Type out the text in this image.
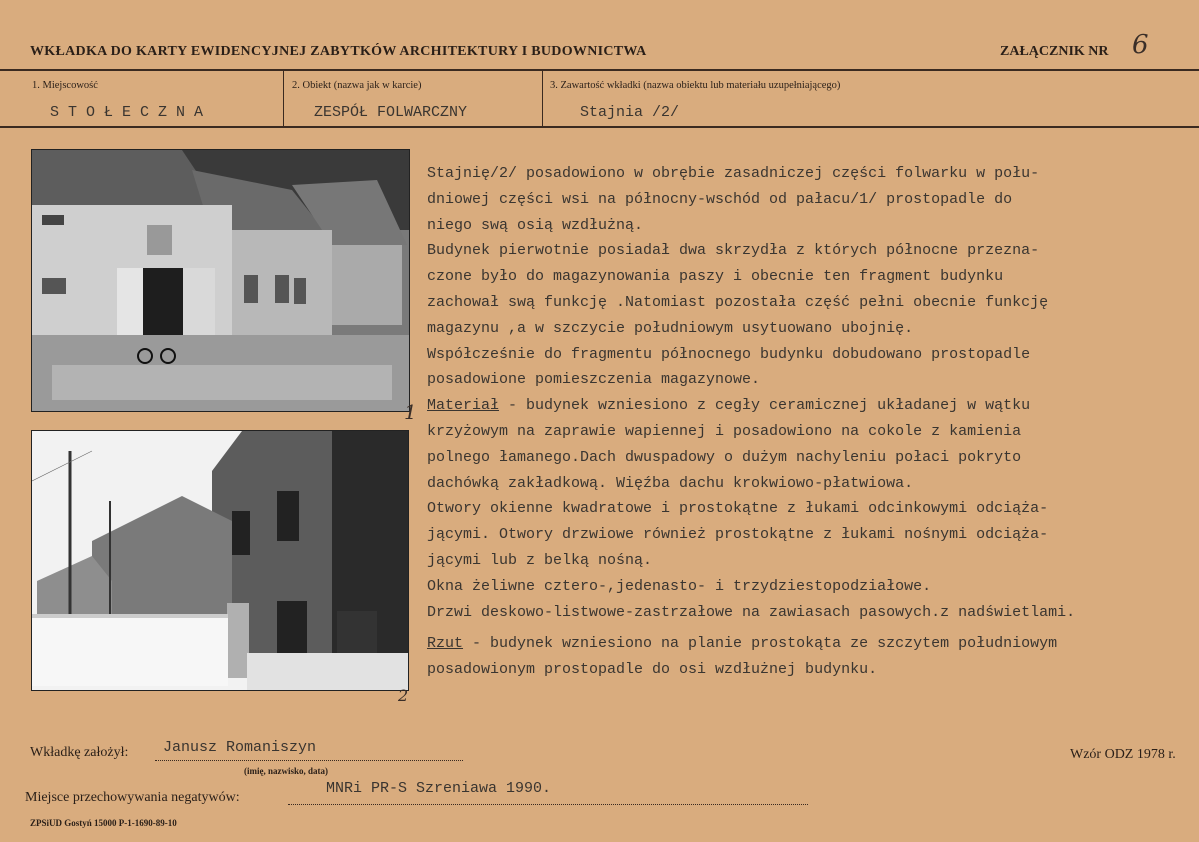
WKŁADKA DO KARTY EWIDENCYJNEJ ZABYTKÓW ARCHITEKTURY I BUDOWNICTWA	ZAŁĄCZNIK NR 6
1. Miejscowość
S T O Ł E C Z N A
2. Obiekt (nazwa jak w karcie)
ZESPÓŁ FOLWARCZNY
3. Zawartość wkładki (nazwa obiektu lub materiału uzupełniającego)
Stajnia /2/
1
2

Stajnię/2/ posadowiono w obrębie zasadniczej części folwarku w połu-

dniowej części wsi na północny-wschód od pałacu/1/ prostopadle do

niego swą osią wzdłużną.

Budynek pierwotnie posiadał dwa skrzydła z których północne przezna-

czone było do magazynowania paszy i obecnie ten fragment budynku

zachował swą funkcję .Natomiast pozostała część pełni obecnie funkcję

magazynu ,a w szczycie południowym usytuowano ubojnię.

Współcześnie do fragmentu północnego budynku dobudowano prostopadle

posadowione pomieszczenia magazynowe.

Materiał - budynek wzniesiono z cegły ceramicznej układanej w wątku

krzyżowym na zaprawie wapiennej i posadowiono na cokole z kamienia

polnego łamanego.Dach dwuspadowy o dużym nachyleniu połaci pokryto

dachówką zakładkową. Więźba dachu krokwiowo-płatwiowa.

Otwory okienne kwadratowe i prostokątne z łukami odcinkowymi odciąża-

jącymi. Otwory drzwiowe również prostokątne z łukami nośnymi odciąża-

jącymi lub z belką nośną.

Okna żeliwne cztero-,jedenasto- i trzydziestopodziałowe.

Drzwi deskowo-listwowe-zastrzałowe na zawiasach pasowych.z nadświetlami.

Rzut - budynek wzniesiono na planie prostokąta ze szczytem południowym

posadowionym prostopadle do osi wzdłużnej budynku.

Wkładkę założył: Janusz Romaniszyn
(imię, nazwisko, data)
Wzór ODZ 1978 r.
Miejsce przechowywania negatywów:
MNRi PR-S Szreniawa 1990.
ZPSiUD Gostyń 15000 P-1-1690-89-10
